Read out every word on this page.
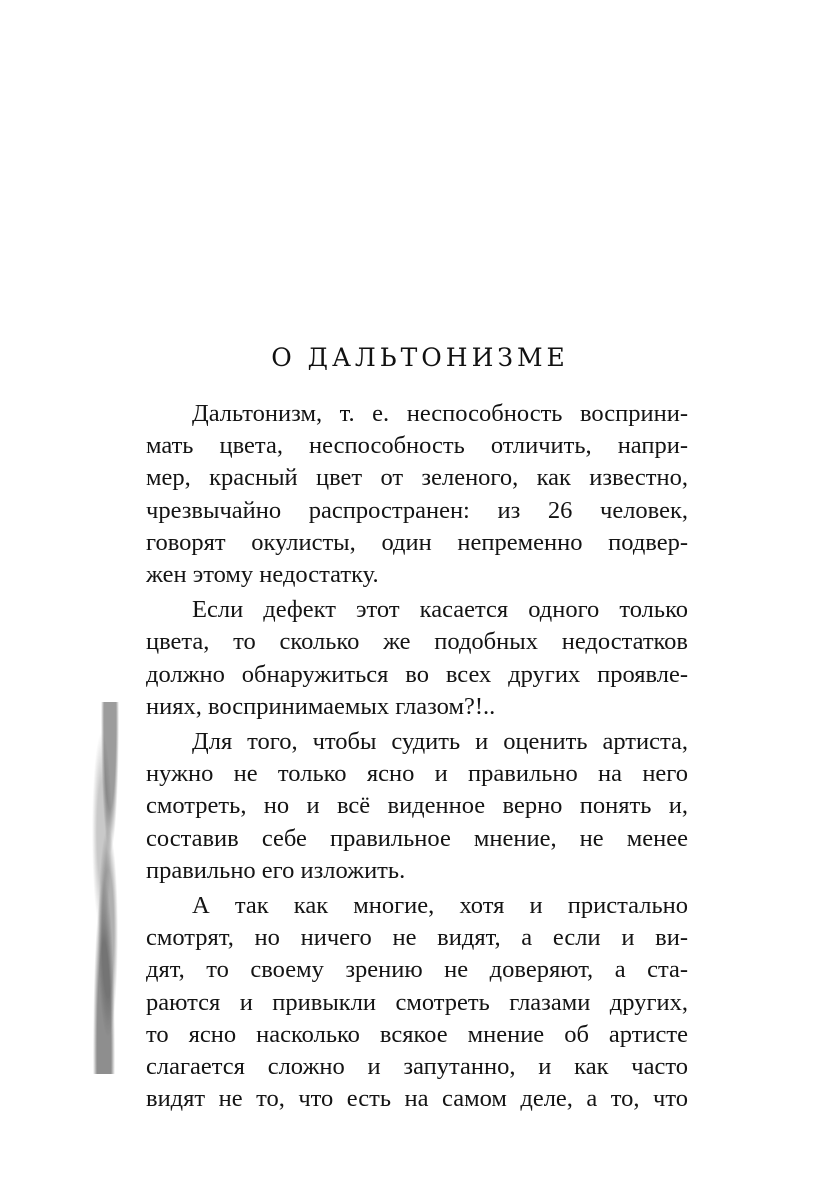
О ДАЛЬТОНИЗМЕ

Дальтонизм, т. е. неспособность восприни-
мать цвета, неспособность отличить, напри-
мер, красный цвет от зеленого, как известно,
чрезвычайно распространен: из 26 человек,
говорят окулисты, один непременно подвер-
жен этому недостатку.

Если дефект этот касается одного только
цвета, то сколько же подобных недостатков
должно обнаружиться во всех других проявле-
ниях, воспринимаемых глазом?!..

Для того, чтобы судить и оценить артиста,
нужно не только ясно и правильно на него
смотреть, но и всё виденное верно понять и,
составив себе правильное мнение, не менее
правильно его изложить.

А так как многие, хотя и пристально
смотрят, но ничего не видят, а если и ви-
дят, то своему зрению не доверяют, а ста-
раются и привыкли смотреть глазами других,
то ясно насколько всякое мнение об артисте
слагается сложно и запутанно, и как часто
видят не то, что есть на самом деле, а то, что
